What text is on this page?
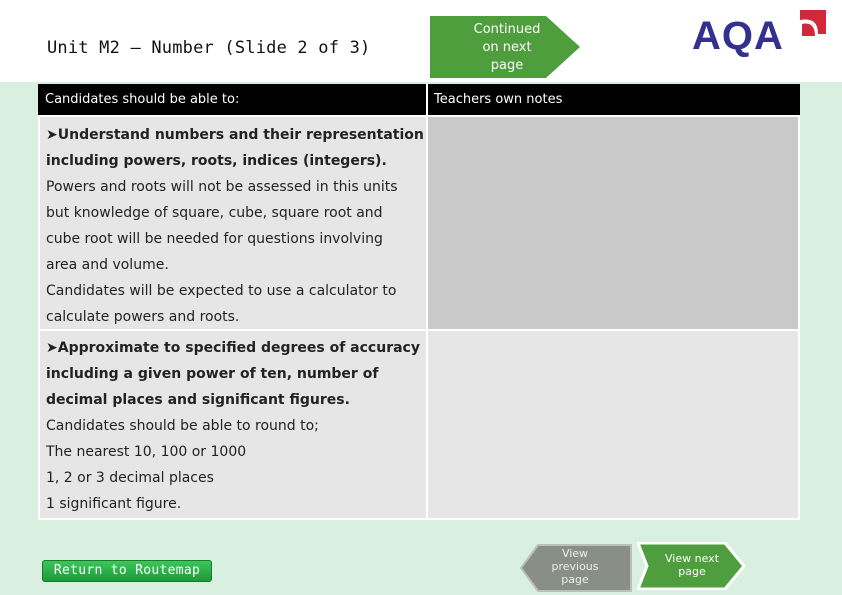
Unit M2 – Number (Slide 2 of 3)
Continued
on next
page
AQA
Candidates should be able to:	Teachers own notes
➤Understand numbers and their representation
including powers, roots, indices (integers).
Powers and roots will not be assessed in this units
but knowledge of square, cube, square root and
cube root will be needed for questions involving
area and volume.
Candidates will be expected to use a calculator to
calculate powers and roots.
➤Approximate to specified degrees of accuracy
including a given power of ten, number of
decimal places and significant figures.
Candidates should be able to round to;
The nearest 10, 100 or 1000
1, 2 or 3 decimal places
1 significant figure.
Return to Routemap
View
previous
page
View next
page
